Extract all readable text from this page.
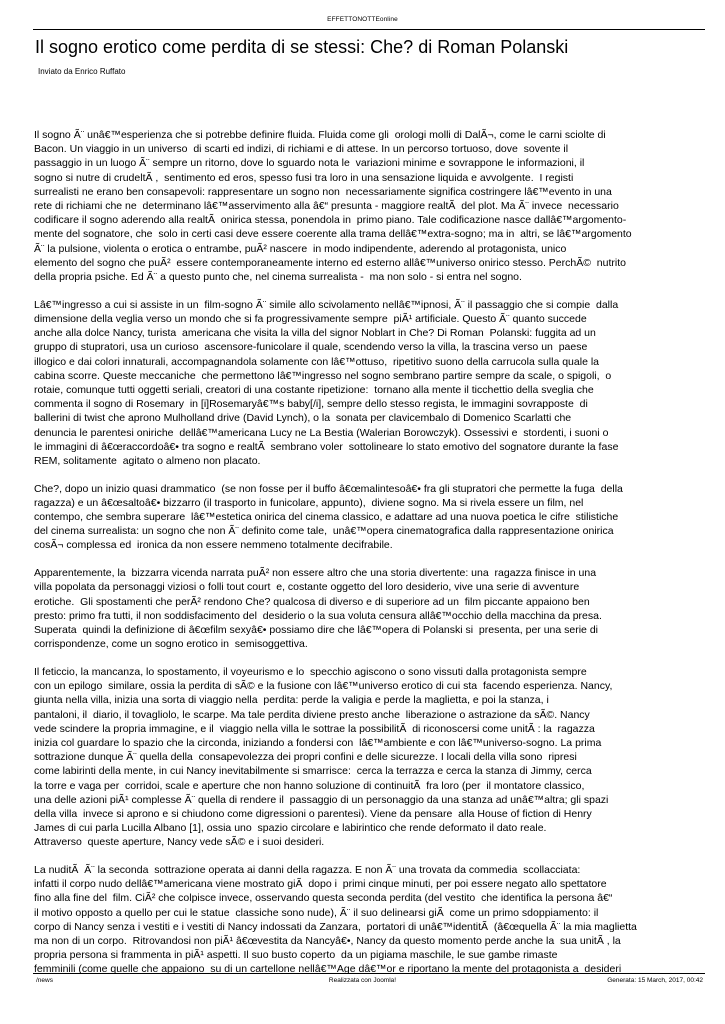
EFFETTONOTTEonline
Il sogno erotico come perdita di se stessi: Che? di Roman Polanski
Inviato da Enrico Ruffato

Il sogno Ã¨ unâ€™esperienza che si potrebbe definire fluida. Fluida come gli  orologi molli di DalÃ¬, come le carni sciolte di
Bacon. Un viaggio in un universo  di scarti ed indizi, di richiami e di attese. In un percorso tortuoso, dove  sovente il
passaggio in un luogo Ã¨ sempre un ritorno, dove lo sguardo nota le  variazioni minime e sovrappone le informazioni, il
sogno si nutre di crudeltÃ ,  sentimento ed eros, spesso fusi tra loro in una sensazione liquida e avvolgente.  I registi
surrealisti ne erano ben consapevoli: rappresentare un sogno non  necessariamente significa costringere lâ€™evento in una
rete di richiami che ne  determinano lâ€™asservimento alla â€“ presunta - maggiore realtÃ  del plot. Ma Ã¨ invece  necessario
codificare il sogno aderendo alla realtÃ  onirica stessa, ponendola in  primo piano. Tale codificazione nasce dallâ€™argomento-
mente del sognatore, che  solo in certi casi deve essere coerente alla trama dellâ€™extra-sogno; ma in  altri, se lâ€™argomento
Ã¨ la pulsione, violenta o erotica o entrambe, puÃ² nascere  in modo indipendente, aderendo al protagonista, unico
elemento del sogno che puÃ²  essere contemporaneamente interno ed esterno allâ€™universo onirico stesso. PerchÃ©  nutrito
della propria psiche. Ed Ã¨ a questo punto che, nel cinema surrealista -  ma non solo - si entra nel sogno.

Lâ€™ingresso a cui si assiste in un  film-sogno Ã¨ simile allo scivolamento nellâ€™ipnosi, Ã¨ il passaggio che si compie  dalla
dimensione della veglia verso un mondo che si fa progressivamente sempre  piÃ¹ artificiale. Questo Ã¨ quanto succede
anche alla dolce Nancy, turista  americana che visita la villa del signor Noblart in Che? Di Roman  Polanski: fuggita ad un
gruppo di stupratori, usa un curioso  ascensore-funicolare il quale, scendendo verso la villa, la trascina verso un  paese
illogico e dai colori innaturali, accompagnandola solamente con lâ€™ottuso,  ripetitivo suono della carrucola sulla quale la
cabina scorre. Queste meccaniche  che permettono lâ€™ingresso nel sogno sembrano partire sempre da scale, o spigoli,  o
rotaie, comunque tutti oggetti seriali, creatori di una costante ripetizione:  tornano alla mente il ticchettio della sveglia che
commenta il sogno di Rosemary  in [i]Rosemaryâ€™s baby[/i], sempre dello stesso regista, le immagini sovrapposte  di
ballerini di twist che aprono Mulholland drive (David Lynch), o la  sonata per clavicembalo di Domenico Scarlatti che
denuncia le parentesi oniriche  dellâ€™americana Lucy ne La Bestia (Walerian Borowczyk). Ossessivi e  stordenti, i suoni o
le immagini di â€œraccordoâ€• tra sogno e realtÃ  sembrano voler  sottolineare lo stato emotivo del sognatore durante la fase
REM, solitamente  agitato o almeno non placato.

Che?, dopo un inizio quasi drammatico  (se non fosse per il buffo â€œmalintesoâ€• fra gli stupratori che permette la fuga  della
ragazza) e un â€œsaltoâ€• bizzarro (il trasporto in funicolare, appunto),  diviene sogno. Ma si rivela essere un film, nel
contempo, che sembra superare  lâ€™estetica onirica del cinema classico, e adattare ad una nuova poetica le cifre  stilistiche
del cinema surrealista: un sogno che non Ã¨ definito come tale,  unâ€™opera cinematografica dalla rappresentazione onirica
cosÃ¬ complessa ed  ironica da non essere nemmeno totalmente decifrabile.

Apparentemente, la  bizzarra vicenda narrata puÃ² non essere altro che una storia divertente: una  ragazza finisce in una
villa popolata da personaggi viziosi o folli tout court  e, costante oggetto del loro desiderio, vive una serie di avventure
erotiche.  Gli spostamenti che perÃ² rendono Che? qualcosa di diverso e di superiore ad un  film piccante appaiono ben
presto: primo fra tutti, il non soddisfacimento del  desiderio o la sua voluta censura allâ€™occhio della macchina da presa.
Superata  quindi la definizione di â€œfilm sexyâ€• possiamo dire che lâ€™opera di Polanski si  presenta, per una serie di
corrispondenze, come un sogno erotico in  semisoggettiva.

Il feticcio, la mancanza, lo spostamento, il voyeurismo e lo  specchio agiscono o sono vissuti dalla protagonista sempre
con un epilogo  similare, ossia la perdita di sÃ© e la fusione con lâ€™universo erotico di cui sta  facendo esperienza. Nancy,
giunta nella villa, inizia una sorta di viaggio nella  perdita: perde la valigia e perde la maglietta, e poi la stanza, i
pantaloni, il  diario, il tovagliolo, le scarpe. Ma tale perdita diviene presto anche  liberazione o astrazione da sÃ©. Nancy
vede scindere la propria immagine, e il  viaggio nella villa le sottrae la possibilitÃ  di riconoscersi come unitÃ : la  ragazza
inizia col guardare lo spazio che la circonda, iniziando a fondersi con  lâ€™ambiente e con lâ€™universo-sogno. La prima
sottrazione dunque Ã¨ quella della  consapevolezza dei propri confini e delle sicurezze. I locali della villa sono  ripresi
come labirinti della mente, in cui Nancy inevitabilmente si smarrisce:  cerca la terrazza e cerca la stanza di Jimmy, cerca
la torre e vaga per  corridoi, scale e aperture che non hanno soluzione di continuitÃ  fra loro (per  il montatore classico,
una delle azioni piÃ¹ complesse Ã¨ quella di rendere il  passaggio di un personaggio da una stanza ad unâ€™altra; gli spazi
della villa  invece si aprono e si chiudono come digressioni o parentesi). Viene da pensare  alla House of fiction di Henry
James di cui parla Lucilla Albano [1], ossia uno  spazio circolare e labirintico che rende deformato il dato reale.
Attraverso  queste aperture, Nancy vede sÃ© e i suoi desideri.

La nuditÃ  Ã¨ la seconda  sottrazione operata ai danni della ragazza. E non Ã¨ una trovata da commedia  scollacciata:
infatti il corpo nudo dellâ€™americana viene mostrato giÃ  dopo i  primi cinque minuti, per poi essere negato allo spettatore
fino alla fine del  film. CiÃ² che colpisce invece, osservando questa seconda perdita (del vestito  che identifica la persona â€“
il motivo opposto a quello per cui le statue  classiche sono nude), Ã¨ il suo delinearsi giÃ  come un primo sdoppiamento: il
corpo di Nancy senza i vestiti e i vestiti di Nancy indossati da Zanzara,  portatori di unâ€™identitÃ  (â€œquella Ã¨ la mia maglietta
ma non di un corpo.  Ritrovandosi non piÃ¹ â€œvestita da Nancyâ€•, Nancy da questo momento perde anche la  sua unitÃ , la
propria persona si frammenta in piÃ¹ aspetti. Il suo busto coperto  da un pigiama maschile, le sue gambe rimaste
femminili (come quelle che appaiono  su di un cartellone nellâ€™Age dâ€™or e riportano la mente del protagonista a  desideri

/news	Realizzata con Joomla!	Generata: 15 March, 2017, 00:42
